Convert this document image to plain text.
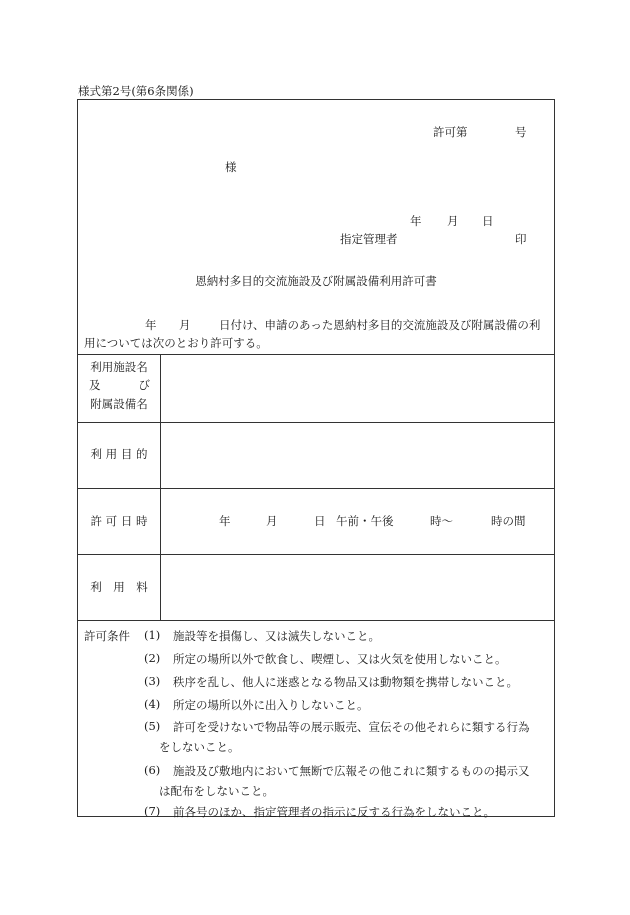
様式第2号(第6条関係)
許可第	号
様
年 月 日
指定管理者	印
恩納村多目的交流施設及び附属設備利用許可書
年 月 日付け、申請のあった恩納村多目的交流施設及び附属設備の利
用については次のとおり許可する。
利用施設名
及	び
附属設備名
利 用 目 的
許 可 日 時	年	月	日 午前・午後	時～	時の間
利　用　料
許可条件 (1) 施設等を損傷し、又は滅失しないこと。
(2) 所定の場所以外で飲食し、喫煙し、又は火気を使用しないこと。
(3) 秩序を乱し、他人に迷惑となる物品又は動物類を携帯しないこと。
(4) 所定の場所以外に出入りしないこと。
(5) 許可を受けないで物品等の展示販売、宣伝その他それらに類する行為
をしないこと。
(6) 施設及び敷地内において無断で広報その他これに類するものの掲示又
は配布をしないこと。
(7) 前各号のほか、指定管理者の指示に反する行為をしないこと。
